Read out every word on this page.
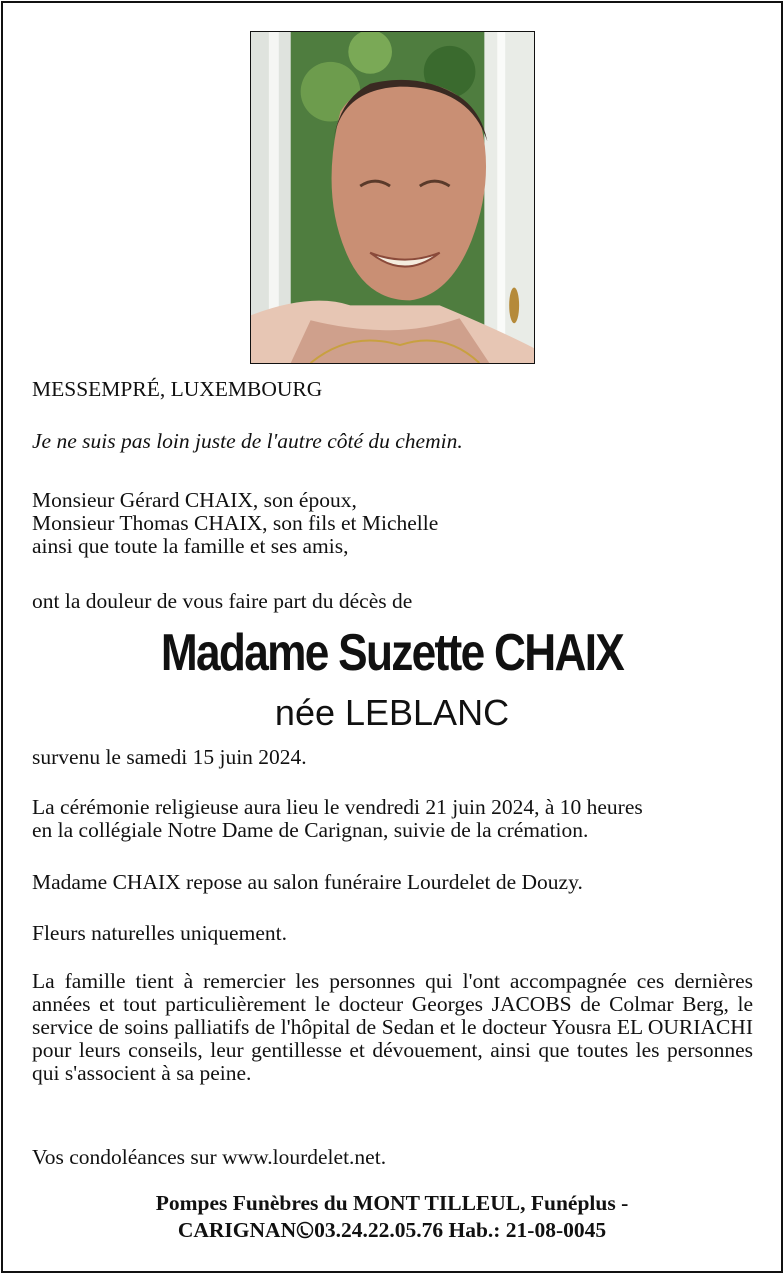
MESSEMPRÉ, LUXEMBOURG
Je ne suis pas loin juste de l'autre côté du chemin.
Monsieur Gérard CHAIX, son époux,
Monsieur Thomas CHAIX, son fils et Michelle
ainsi que toute la famille et ses amis,
ont la douleur de vous faire part du décès de
Madame Suzette CHAIX
née LEBLANC
survenu le samedi 15 juin 2024.
La cérémonie religieuse aura lieu le vendredi 21 juin 2024, à 10 heures
en la collégiale Notre Dame de Carignan, suivie de la crémation.
Madame CHAIX repose au salon funéraire Lourdelet de Douzy.
Fleurs naturelles uniquement.
La famille tient à remercier les personnes qui l'ont accompagnée ces dernières années et tout particulièrement le docteur Georges JACOBS de Colmar Berg, le service de soins palliatifs de l'hôpital de Sedan et le docteur Yousra EL OURIACHI pour leurs conseils, leur gentillesse et dévouement, ainsi que toutes les personnes qui s'associent à sa peine.
Vos condoléances sur www.lourdelet.net.
Pompes Funèbres du MONT TILLEUL, Funéplus -
CARIGNAN 03.24.22.05.76 Hab.: 21-08-0045
